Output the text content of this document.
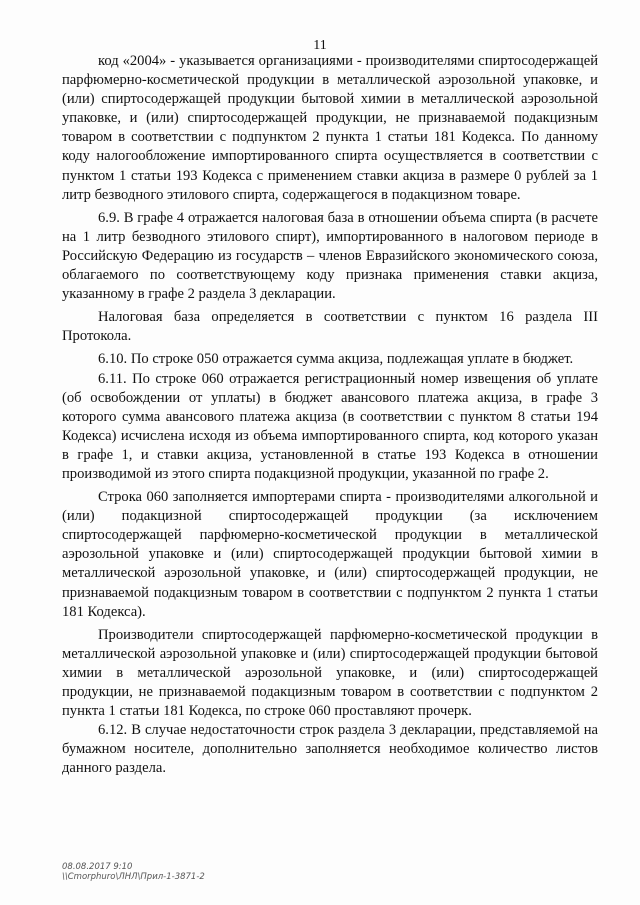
11

код «2004» - указывается организациями - производителями спиртосодержащей парфюмерно-косметической продукции в металлической аэрозольной упаковке, и (или) спиртосодержащей продукции бытовой химии в металлической аэрозольной упаковке, и (или) спиртосодержащей продукции, не признаваемой подакцизным товаром в соответствии с подпунктом 2 пункта 1 статьи 181 Кодекса. По данному коду налогообложение импортированного спирта осуществляется в соответствии с пунктом 1 статьи 193 Кодекса с применением ставки акциза в размере 0 рублей за 1 литр безводного этилового спирта, содержащегося в подакцизном товаре.

6.9. В графе 4 отражается налоговая база в отношении объема спирта (в расчете на 1 литр безводного этилового спирт), импортированного в налоговом периоде в Российскую Федерацию из государств – членов Евразийского экономического союза, облагаемого по соответствующему коду признака применения ставки акциза, указанному в графе 2 раздела 3 декларации.

Налоговая база определяется в соответствии с пунктом 16 раздела III Протокола.

6.10. По строке 050 отражается сумма акциза, подлежащая уплате в бюджет.

6.11. По строке 060 отражается регистрационный номер извещения об уплате (об освобождении от уплаты) в бюджет авансового платежа акциза, в графе 3 которого сумма авансового платежа акциза (в соответствии с пунктом 8 статьи 194 Кодекса) исчислена исходя из объема импортированного спирта, код которого указан в графе 1, и ставки акциза, установленной в статье 193 Кодекса в отношении производимой из этого спирта подакцизной продукции, указанной по графе 2.

Строка 060 заполняется импортерами спирта - производителями алкогольной и (или) подакцизной спиртосодержащей продукции (за исключением спиртосодержащей парфюмерно-косметической продукции в металлической аэрозольной упаковке и (или) спиртосодержащей продукции бытовой химии в металлической аэрозольной упаковке, и (или) спиртосодержащей продукции, не признаваемой подакцизным товаром в соответствии с подпунктом 2 пункта 1 статьи 181 Кодекса).

Производители спиртосодержащей парфюмерно-косметической продукции в металлической аэрозольной упаковке и (или) спиртосодержащей продукции бытовой химии в металлической аэрозольной упаковке, и (или) спиртосодержащей продукции, не признаваемой подакцизным товаром в соответствии с подпунктом 2 пункта 1 статьи 181 Кодекса, по строке 060 проставляют прочерк.

6.12. В случае недостаточности строк раздела 3 декларации, представляемой на бумажном носителе, дополнительно заполняется необходимое количество листов данного раздела.

08.08.2017 9:10
\\Cmorphuro\ЛНЛ\Прил-1-3871-2
